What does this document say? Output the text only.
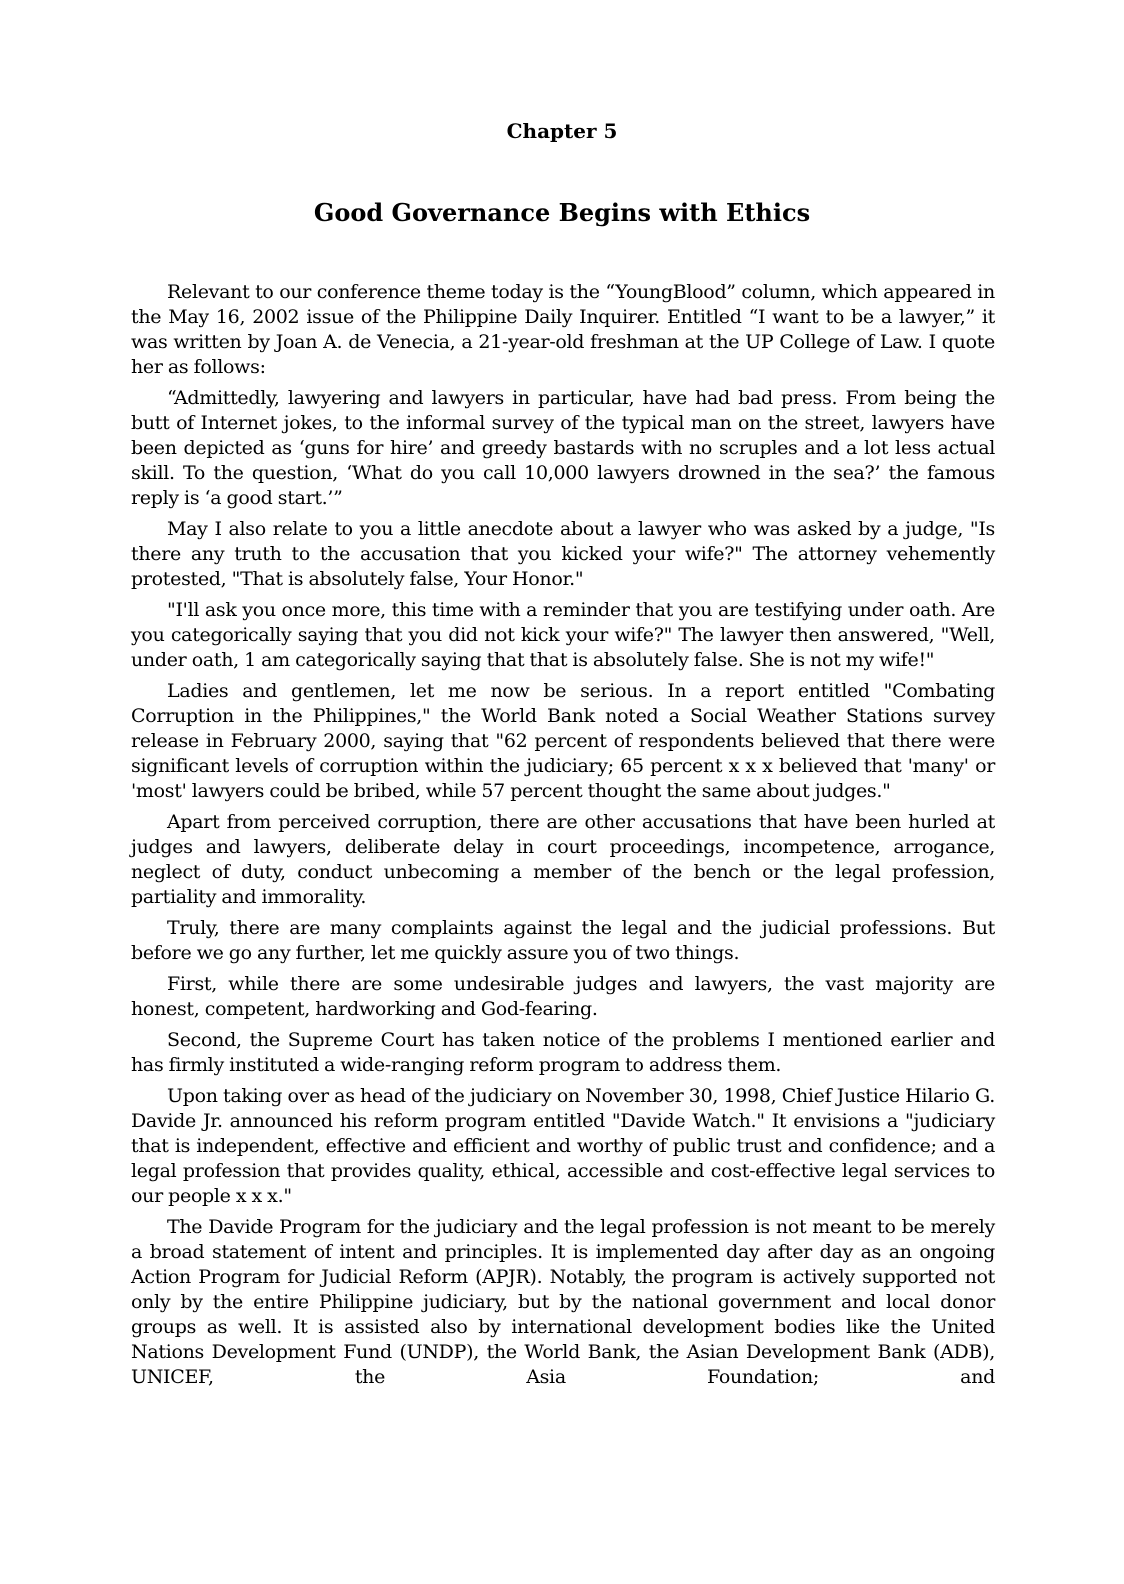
Chapter 5
Good Governance Begins with Ethics

Relevant to our conference theme today is the “YoungBlood” column, which appeared in the May 16, 2002 issue of the Philippine Daily Inquirer. Entitled “I want to be a lawyer,” it was written by Joan A. de Venecia, a 21-year-old freshman at the UP College of Law. I quote her as follows:

“Admittedly, lawyering and lawyers in particular, have had bad press. From being the butt of Internet jokes, to the informal survey of the typical man on the street, lawyers have been depicted as ‘guns for hire’ and greedy bastards with no scruples and a lot less actual skill. To the question, ‘What do you call 10,000 lawyers drowned in the sea?’ the famous reply is ‘a good start.’”

May I also relate to you a little anecdote about a lawyer who was asked by a judge, "Is there any truth to the accusation that you kicked your wife?" The attorney vehemently protested, "That is absolutely false, Your Honor."

"I'll ask you once more, this time with a reminder that you are testifying under oath. Are you categorically saying that you did not kick your wife?" The lawyer then answered, "Well, under oath, 1 am categorically saying that that is absolutely false. She is not my wife!"

Ladies and gentlemen, let me now be serious. In a report entitled "Combating Corruption in the Philippines," the World Bank noted a Social Weather Stations survey release in February 2000, saying that "62 percent of respondents believed that there were significant levels of corruption within the judiciary; 65 percent x x x believed that 'many' or 'most' lawyers could be bribed, while 57 percent thought the same about judges."

Apart from perceived corruption, there are other accusations that have been hurled at judges and lawyers, deliberate delay in court proceedings, incompetence, arrogance, neglect of duty, conduct unbecoming a member of the bench or the legal profession, partiality and immorality.

Truly, there are many complaints against the legal and the judicial professions. But before we go any further, let me quickly assure you of two things.

First, while there are some undesirable judges and lawyers, the vast majority are honest, competent, hardworking and God-fearing.

Second, the Supreme Court has taken notice of the problems I mentioned earlier and has firmly instituted a wide-ranging reform program to address them.

Upon taking over as head of the judiciary on November 30, 1998, Chief Justice Hilario G. Davide Jr. announced his reform program entitled "Davide Watch." It envisions a "judiciary that is independent, effective and efficient and worthy of public trust and confidence; and a legal profession that provides quality, ethical, accessible and cost-effective legal services to our people x x x."

The Davide Program for the judiciary and the legal profession is not meant to be merely a broad statement of intent and principles. It is implemented day after day as an ongoing Action Program for Judicial Reform (APJR). Notably, the program is actively supported not only by the entire Philippine judiciary, but by the national government and local donor groups as well. It is assisted also by international development bodies like the United Nations Development Fund (UNDP), the World Bank, the Asian Development Bank (ADB), UNICEF, the Asia Foundation; and
